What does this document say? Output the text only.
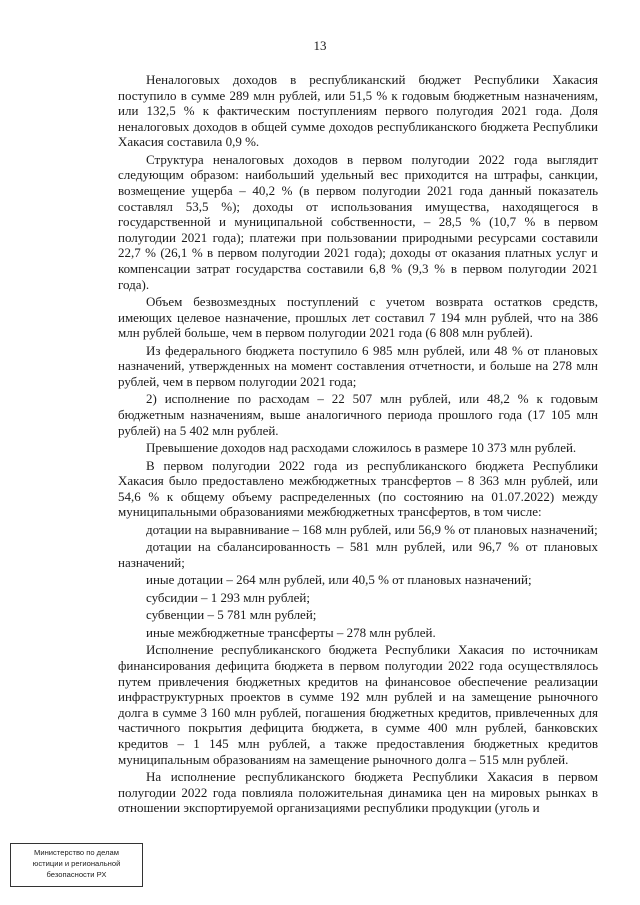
13

Неналоговых доходов в республиканский бюджет Республики Хакасия поступило в сумме 289 млн рублей, или 51,5 % к годовым бюджетным назначениям, или 132,5 % к фактическим поступлениям первого полугодия 2021 года. Доля неналоговых доходов в общей сумме доходов республиканского бюджета Республики Хакасия составила 0,9 %.

Структура неналоговых доходов в первом полугодии 2022 года выглядит следующим образом: наибольший удельный вес приходится на штрафы, санкции, возмещение ущерба – 40,2 % (в первом полугодии 2021 года данный показатель составлял 53,5 %); доходы от использования имущества, находящегося в государственной и муниципальной собственности, – 28,5 % (10,7 % в первом полугодии 2021 года); платежи при пользовании природными ресурсами составили 22,7 % (26,1 % в первом полугодии 2021 года); доходы от оказания платных услуг и компенсации затрат государства составили 6,8 % (9,3 % в первом полугодии 2021 года).

Объем безвозмездных поступлений с учетом возврата остатков средств, имеющих целевое назначение, прошлых лет составил 7 194 млн рублей, что на 386 млн рублей больше, чем в первом полугодии 2021 года (6 808 млн рублей).

Из федерального бюджета поступило 6 985 млн рублей, или 48 % от плановых назначений, утвержденных на момент составления отчетности, и больше на 278 млн рублей, чем в первом полугодии 2021 года;

2) исполнение по расходам – 22 507 млн рублей, или 48,2 % к годовым бюджетным назначениям, выше аналогичного периода прошлого года (17 105 млн рублей) на 5 402 млн рублей.

Превышение доходов над расходами сложилось в размере 10 373 млн рублей.

В первом полугодии 2022 года из республиканского бюджета Республики Хакасия было предоставлено межбюджетных трансфертов – 8 363 млн рублей, или 54,6 % к общему объему распределенных (по состоянию на 01.07.2022) между муниципальными образованиями межбюджетных трансфертов, в том числе:

дотации на выравнивание – 168 млн рублей, или 56,9 % от плановых назначений;

дотации на сбалансированность – 581 млн рублей, или 96,7 % от плановых назначений;

иные дотации – 264 млн рублей, или 40,5 % от плановых назначений;

субсидии – 1 293 млн рублей;

субвенции – 5 781 млн рублей;

иные межбюджетные трансферты – 278 млн рублей.

Исполнение республиканского бюджета Республики Хакасия по источникам финансирования дефицита бюджета в первом полугодии 2022 года осуществлялось путем привлечения бюджетных кредитов на финансовое обеспечение реализации инфраструктурных проектов в сумме 192 млн рублей и на замещение рыночного долга в сумме 3 160 млн рублей, погашения бюджетных кредитов, привлеченных для частичного покрытия дефицита бюджета, в сумме 400 млн рублей, банковских кредитов – 1 145 млн рублей, а также предоставления бюджетных кредитов муниципальным образованиям на замещение рыночного долга – 515 млн рублей.

На исполнение республиканского бюджета Республики Хакасия в первом полугодии 2022 года повлияла положительная динамика цен на мировых рынках в отношении экспортируемой организациями республики продукции (уголь и

Министерство по делам
юстиции и региональной
безопасности РХ
